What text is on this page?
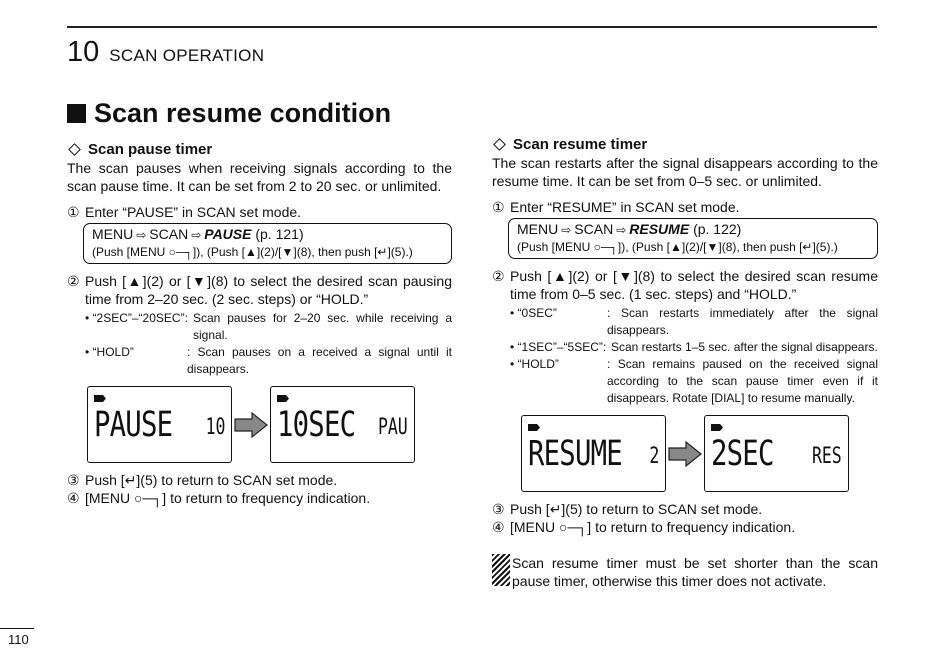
10 SCAN OPERATION
Scan resume condition
Scan pause timer
The scan pauses when receiving signals according to the scan pause time. It can be set from 2 to 20 sec. or unlimited.
① Enter “PAUSE” in SCAN set mode.
MENU ⇨ SCAN ⇨ PAUSE (p. 121)
(Push [MENU ○─┐]), (Push [▲](2)/[▼](8), then push [↵](5).)
② Push [▲](2) or [▼](8) to select the desired scan pausing time from 2–20 sec. (2 sec. steps) or “HOLD.”
• “2SEC”–“20SEC”: Scan pauses for 2–20 sec. while receiving a signal.
• “HOLD”	: Scan pauses on a received a signal until it disappears.
PAUSE 10 10SEC PAU
③ Push [↵](5) to return to SCAN set mode.
④ [MENU ○─┐] to return to frequency indication.
Scan resume timer
The scan restarts after the signal disappears according to the resume time. It can be set from 0–5 sec. or unlimited.
① Enter “RESUME” in SCAN set mode.
MENU ⇨ SCAN ⇨ RESUME (p. 122)
(Push [MENU ○─┐]), (Push [▲](2)/[▼](8), then push [↵](5).)
② Push [▲](2) or [▼](8) to select the desired scan resume time from 0–5 sec. (1 sec. steps) and “HOLD.”
• “0SEC”	: Scan restarts immediately after the signal disappears.
• “1SEC”–“5SEC”: Scan restarts 1–5 sec. after the signal disappears.
• “HOLD”	: Scan remains paused on the received signal according to the scan pause timer even if it disappears. Rotate [DIAL] to resume manually.
RESUME 2 2SEC RES
③ Push [↵](5) to return to SCAN set mode.
④ [MENU ○─┐] to return to frequency indication.
Scan resume timer must be set shorter than the scan pause timer, otherwise this timer does not activate.
110
